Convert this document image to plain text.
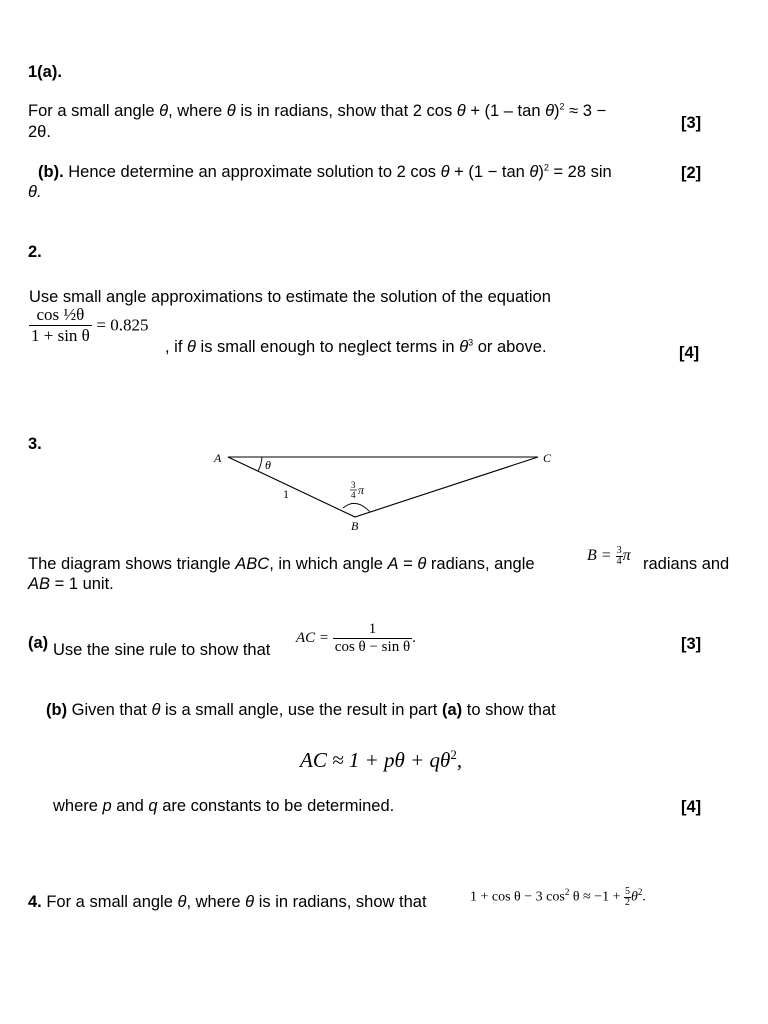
1(a).
For a small angle θ, where θ is in radians, show that 2 cos θ + (1 – tan θ)$^2$ ≈ 3 −
2θ.	[3]
(b). Hence determine an approximate solution to 2 $\cos \theta + (1 - \tan \theta)^2 = 28$ sin
θ.
[2]
2.
Use small angle approximations to estimate the solution of the equation
$\frac{\text{cos ½θ}}{\text{1 + sin θ}} = 0.825$
, if θ is small enough to neglect terms in $\theta^3$ or above.	[4]
3.
A	C
B
θ
1
3
4 π
The diagram shows triangle ABC, in which angle A = θ radians, angle	$B = \frac{3}{4}$ π radians and
AB = 1 unit.
(a) Use the sine rule to show that
AC = $\frac{1}{\text{cos θ − sin θ}}$ .	[3]
(b) Given that θ is a small angle, use the result in part (a) to show that
AC ≈ $1 + p\theta + q\theta^2$,
where p and q are constants to be determined.	[4]
4. For a small angle θ, where θ is in radians, show that	1 + cos θ − 3 $\cos^2 \theta \approx -1 + \frac{5}{2} \theta^2$.
